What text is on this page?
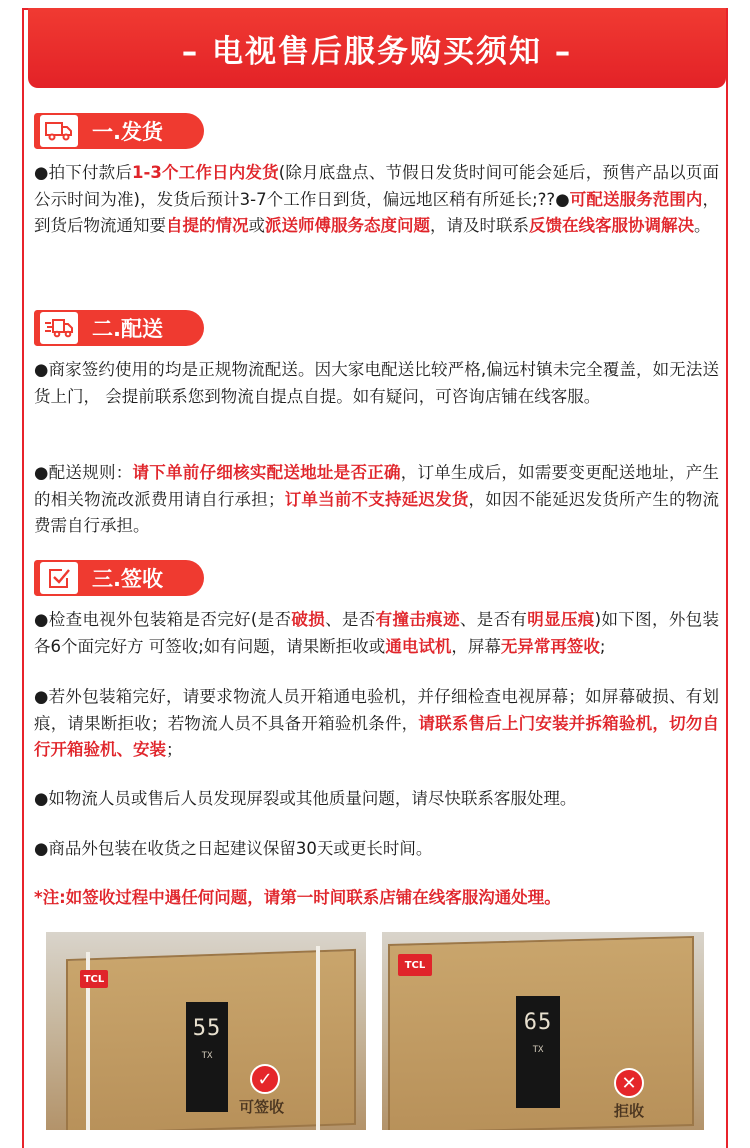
– 电视售后服务购买须知 –
一.发货
●拍下付款后1-3个工作日内发货(除月底盘点、节假日发货时间可能会延后，预售产品以页面公示时间为准)，发货后预计3-7个工作日到货，偏远地区稍有所延长;??●可配送服务范围内，到货后物流通知要自提的情况或派送师傅服务态度问题，请及时联系反馈在线客服协调解决。
二.配送
●商家签约使用的均是正规物流配送。因大家电配送比较严格,偏远村镇未完全覆盖，如无法送货上门， 会提前联系您到物流自提点自提。如有疑问，可咨询店铺在线客服。
●配送规则：请下单前仔细核实配送地址是否正确，订单生成后，如需要变更配送地址，产生的相关物流改派费用请自行承担；订单当前不支持延迟发货，如因不能延迟发货所产生的物流费需自行承担。
三.签收
●检查电视外包装箱是否完好(是否破损、是否有撞击痕迹、是否有明显压痕)如下图，外包装各6个面完好方 可签收;如有问题，请果断拒收或通电试机，屏幕无异常再签收;
●若外包装箱完好，请要求物流人员开箱通电验机，并仔细检查电视屏幕；如屏幕破损、有划痕，请果断拒收；若物流人员不具备开箱验机条件，请联系售后上门安装并拆箱验机，切勿自行开箱验机、安装；
●如物流人员或售后人员发现屏裂或其他质量问题，请尽快联系客服处理。
●商品外包装在收货之日起建议保留30天或更长时间。
*注:如签收过程中遇任何问题，请第一时间联系店铺在线客服沟通处理。
TCL
55
TX
✓
可签收
TCL
65
TX
✕
拒收
